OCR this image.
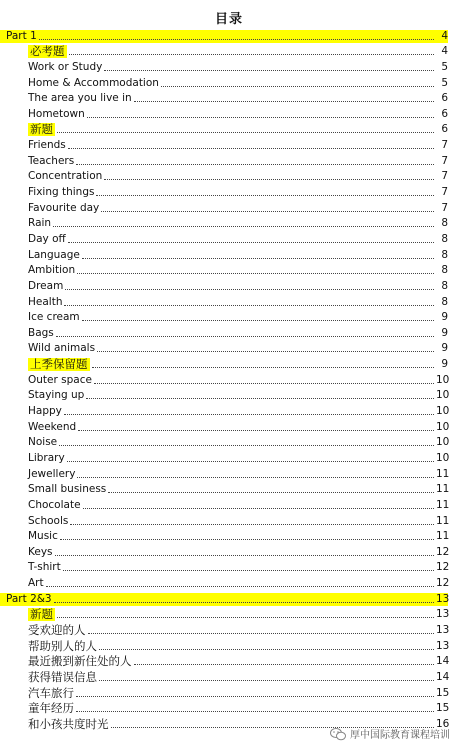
目录
Part 1	4
必考题	4
Work or Study	5
Home & Accommodation	5
The area you live in	6
Hometown	6
新题	6
Friends	7
Teachers	7
Concentration	7
Fixing things	7
Favourite day	7
Rain	8
Day off	8
Language	8
Ambition	8
Dream	8
Health	8
Ice cream	9
Bags	9
Wild animals	9
上季保留题	9
Outer space	10
Staying up	10
Happy	10
Weekend	10
Noise	10
Library	10
Jewellery	11
Small business	11
Chocolate	11
Schools	11
Music	11
Keys	12
T-shirt	12
Art	12
Part 2&3	13
新题	13
受欢迎的人	13
帮助别人的人	13
最近搬到新住处的人	14
获得错误信息	14
汽车旅行	15
童年经历	15
和小孩共度时光	16
厚中国际教育课程培训
